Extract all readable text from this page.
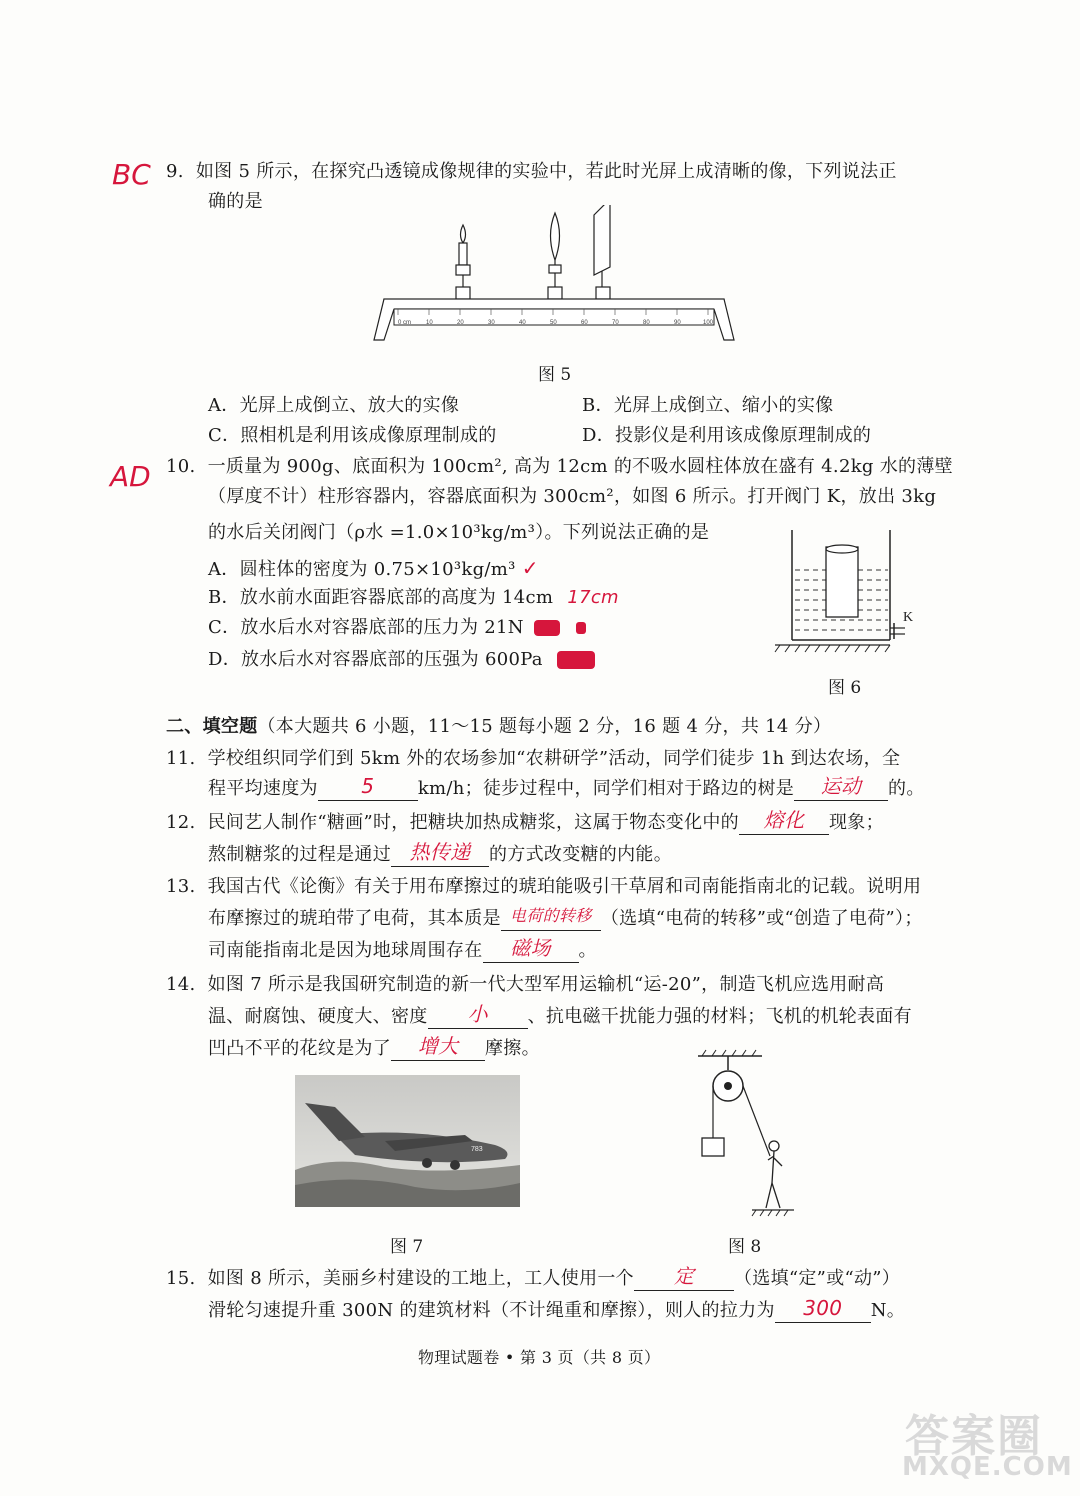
BC 9. 如图 5 所示，在探究凸透镜成像规律的实验中，若此时光屏上成清晰的像，下列说法正
确的是
0 cm 10	20	30	40	50	60	70	80	90	100
图 5
A．光屏上成倒立、放大的实像	B．光屏上成倒立、缩小的实像
C．照相机是利用该成像原理制成的	D．投影仪是利用该成像原理制成的
AD 10. 一质量为 900g、底面积为 100cm², 高为 12cm 的不吸水圆柱体放在盛有 4.2kg 水的薄壁
（厚度不计）柱形容器内，容器底面积为 300cm²，如图 6 所示。打开阀门 K，放出 3kg
的水后关闭阀门（ρ水 =1.0×10³kg/m³）。下列说法正确的是
A．圆柱体的密度为 0.75×10³kg/m³ ✓
B．放水前水面距容器底部的高度为 14cm 17cm
C．放水后水对容器底部的压力为 21N
D．放水后水对容器底部的压强为 600Pa
K
图 6
二、填空题（本大题共 6 小题，11～15 题每小题 2 分，16 题 4 分，共 14 分）
11. 学校组织同学们到 5km 外的农场参加“农耕研学”活动，同学们徒步 1h 到达农场，全
程平均速度为	5	km/h；徒步过程中，同学们相对于路边的树是	运动	的。
12. 民间艺人制作“糖画”时，把糖块加热成糖浆，这属于物态变化中的	熔化	现象；
熬制糖浆的过程是通过 热传递	的方式改变糖的内能。
13. 我国古代《论衡》有关于用布摩擦过的琥珀能吸引干草屑和司南能指南北的记载。说明用
布摩擦过的琥珀带了电荷，其本质是 电荷的转移 （选填“电荷的转移”或“创造了电荷”）；
司南能指南北是因为地球周围存在	磁场	。
14. 如图 7 所示是我国研究制造的新一代大型军用运输机“运-20”，制造飞机应选用耐高
温、耐腐蚀、硬度大、密度	小	、抗电磁干扰能力强的材料；飞机的机轮表面有
凹凸不平的花纹是为了	增大	摩擦。
783
图 7	图 8
15. 如图 8 所示，美丽乡村建设的工地上，工人使用一个	定	（选填“定”或“动”）
滑轮匀速提升重 300N 的建筑材料（不计绳重和摩擦），则人的拉力为	300	N。
物理试题卷 • 第 3 页（共 8 页）
答案圈
MXQE.COM
